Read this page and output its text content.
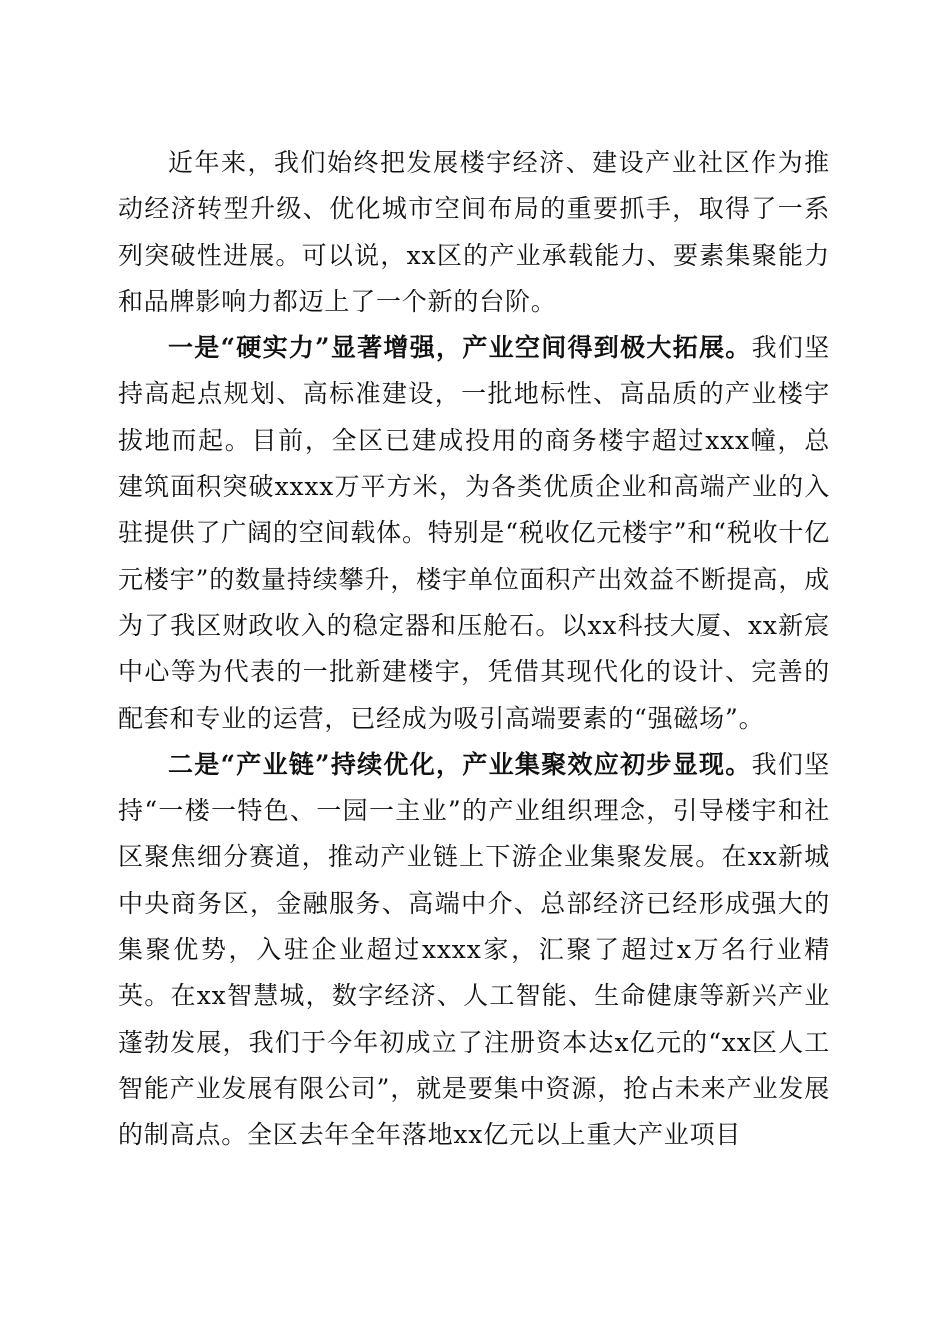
近年来，我们始终把发展楼宇经济、建设产业社区作为推动经济转型升级、优化城市空间布局的重要抓手，取得了一系列突破性进展。可以说，xx区的产业承载能力、要素集聚能力和品牌影响力都迈上了一个新的台阶。

一是“硬实力”显著增强，产业空间得到极大拓展。我们坚持高起点规划、高标准建设，一批地标性、高品质的产业楼宇拔地而起。目前，全区已建成投用的商务楼宇超过xxx幢，总建筑面积突破xxxx万平方米，为各类优质企业和高端产业的入驻提供了广阔的空间载体。特别是“税收亿元楼宇”和“税收十亿元楼宇”的数量持续攀升，楼宇单位面积产出效益不断提高，成为了我区财政收入的稳定器和压舱石。以xx科技大厦、xx新宸中心等为代表的一批新建楼宇，凭借其现代化的设计、完善的配套和专业的运营，已经成为吸引高端要素的“强磁场”。

二是“产业链”持续优化，产业集聚效应初步显现。我们坚持“一楼一特色、一园一主业”的产业组织理念，引导楼宇和社区聚焦细分赛道，推动产业链上下游企业集聚发展。在xx新城中央商务区，金融服务、高端中介、总部经济已经形成强大的集聚优势，入驻企业超过xxxx家，汇聚了超过x万名行业精英。在xx智慧城，数字经济、人工智能、生命健康等新兴产业蓬勃发展，我们于今年初成立了注册资本达x亿元的“xx区人工智能产业发展有限公司”，就是要集中资源，抢占未来产业发展的制高点。全区去年全年落地xx亿元以上重大产业项目
